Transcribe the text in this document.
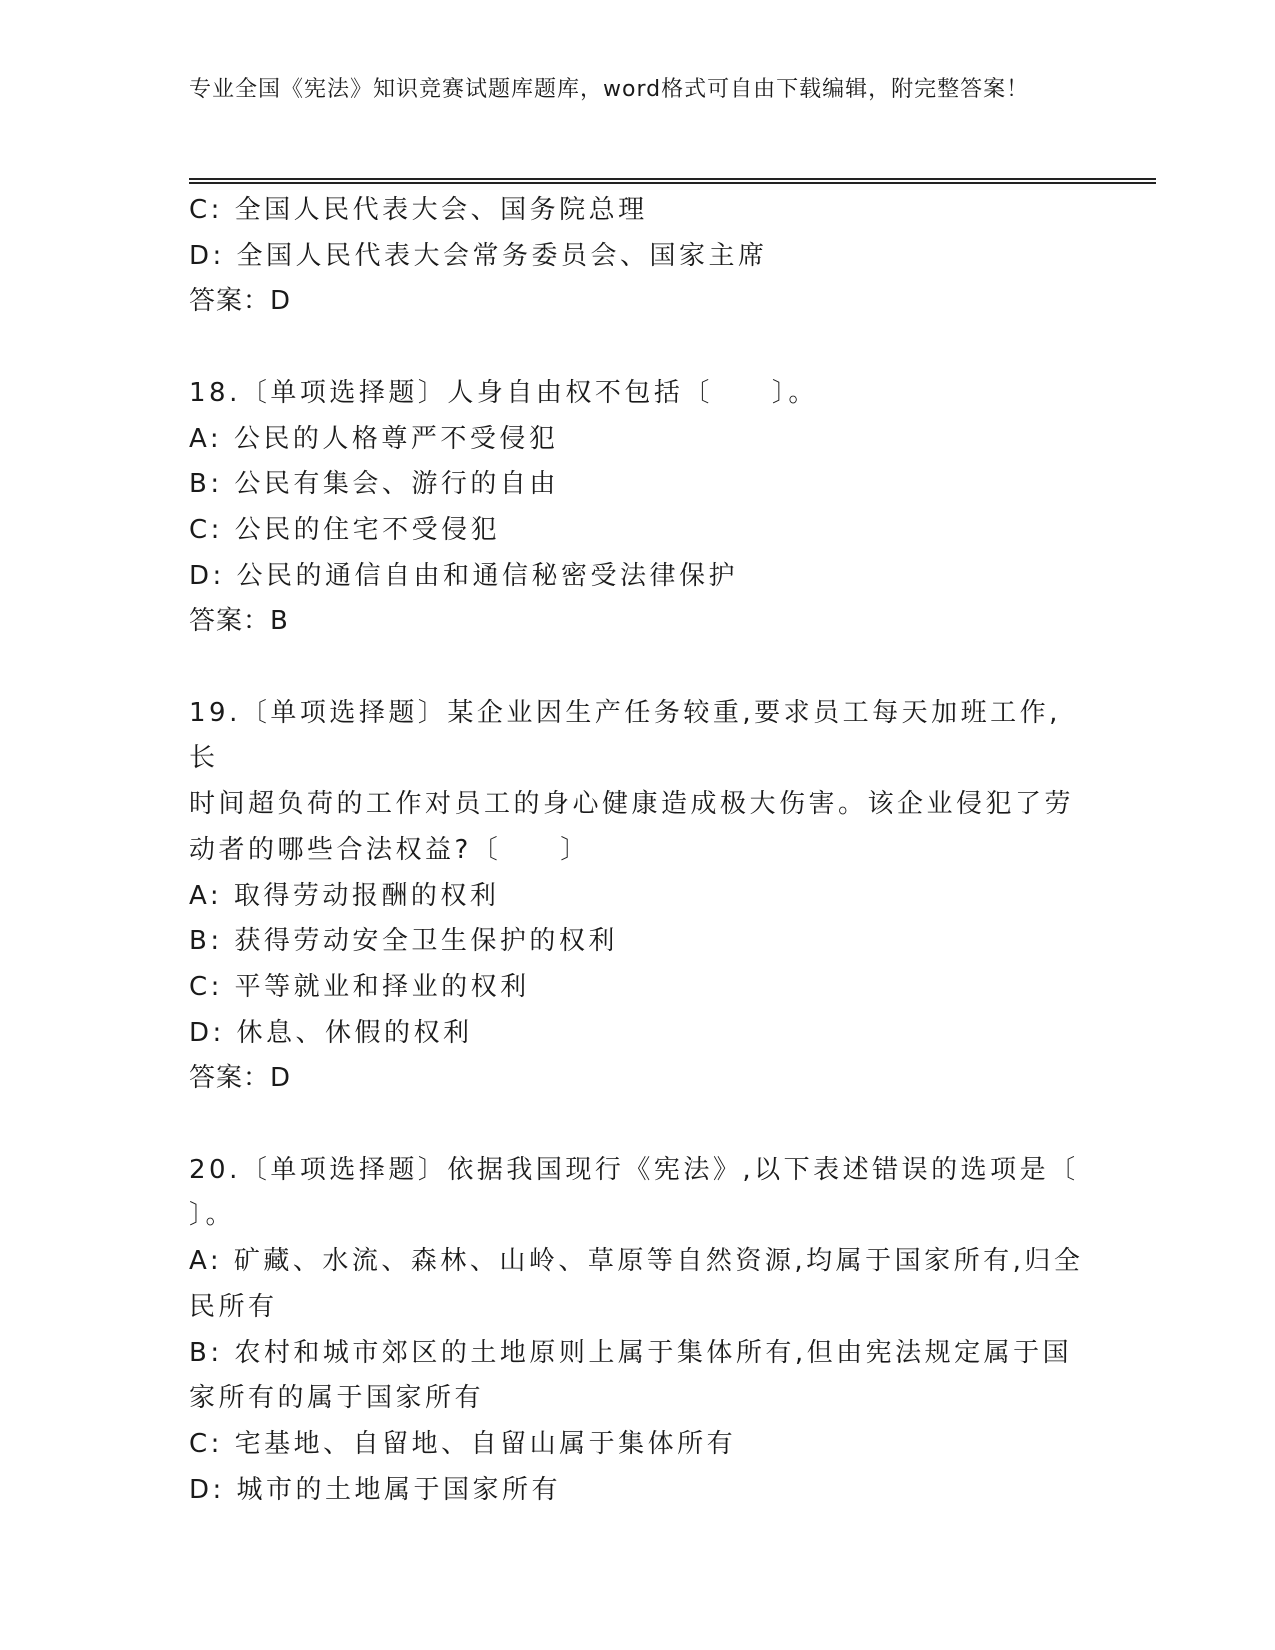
专业全国《宪法》知识竞赛试题库题库，word格式可自由下载编辑，附完整答案！
C: 全国人民代表大会、国务院总理
D: 全国人民代表大会常务委员会、国家主席
答案：D
18.〔单项选择题〕人身自由权不包括〔　　〕。
A: 公民的人格尊严不受侵犯
B: 公民有集会、游行的自由
C: 公民的住宅不受侵犯
D: 公民的通信自由和通信秘密受法律保护
答案：B
19.〔单项选择题〕某企业因生产任务较重,要求员工每天加班工作,长
时间超负荷的工作对员工的身心健康造成极大伤害。该企业侵犯了劳
动者的哪些合法权益?〔　　〕
A: 取得劳动报酬的权利
B: 获得劳动安全卫生保护的权利
C: 平等就业和择业的权利
D: 休息、休假的权利
答案：D
20.〔单项选择题〕依据我国现行《宪法》,以下表述错误的选项是〔
〕。
A: 矿藏、水流、森林、山岭、草原等自然资源,均属于国家所有,归全
民所有
B: 农村和城市郊区的土地原则上属于集体所有,但由宪法规定属于国
家所有的属于国家所有
C: 宅基地、自留地、自留山属于集体所有
D: 城市的土地属于国家所有
